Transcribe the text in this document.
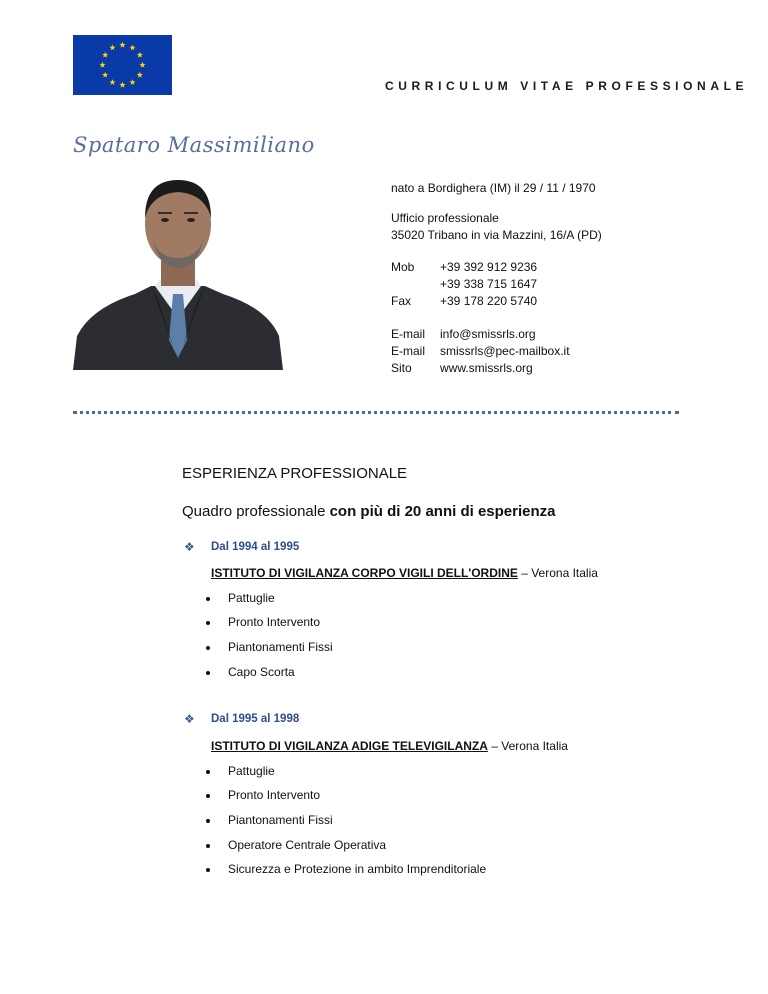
CURRICULUM VITAE PROFESSIONALE
Spataro Massimiliano
nato a Bordighera (IM) il 29 / 11 / 1970
Ufficio professionale
35020 Tribano in via Mazzini, 16/A (PD)
Mob +39 392 912 9236
+39 338 715 1647
Fax +39 178 220 5740
E-mail info@smissrls.org
E-mail smissrls@pec-mailbox.it
Sito www.smissrls.org
ESPERIENZA PROFESSIONALE
Quadro professionale con più di 20 anni di esperienza
❖ Dal 1994 al 1995
ISTITUTO DI VIGILANZA CORPO VIGILI DELL'ORDINE – Verona Italia
Pattuglie
Pronto Intervento
Piantonamenti Fissi
Capo Scorta
❖ Dal 1995 al 1998
ISTITUTO DI VIGILANZA ADIGE TELEVIGILANZA – Verona Italia
Pattuglie
Pronto Intervento
Piantonamenti Fissi
Operatore Centrale Operativa
Sicurezza e Protezione in ambito Imprenditoriale
